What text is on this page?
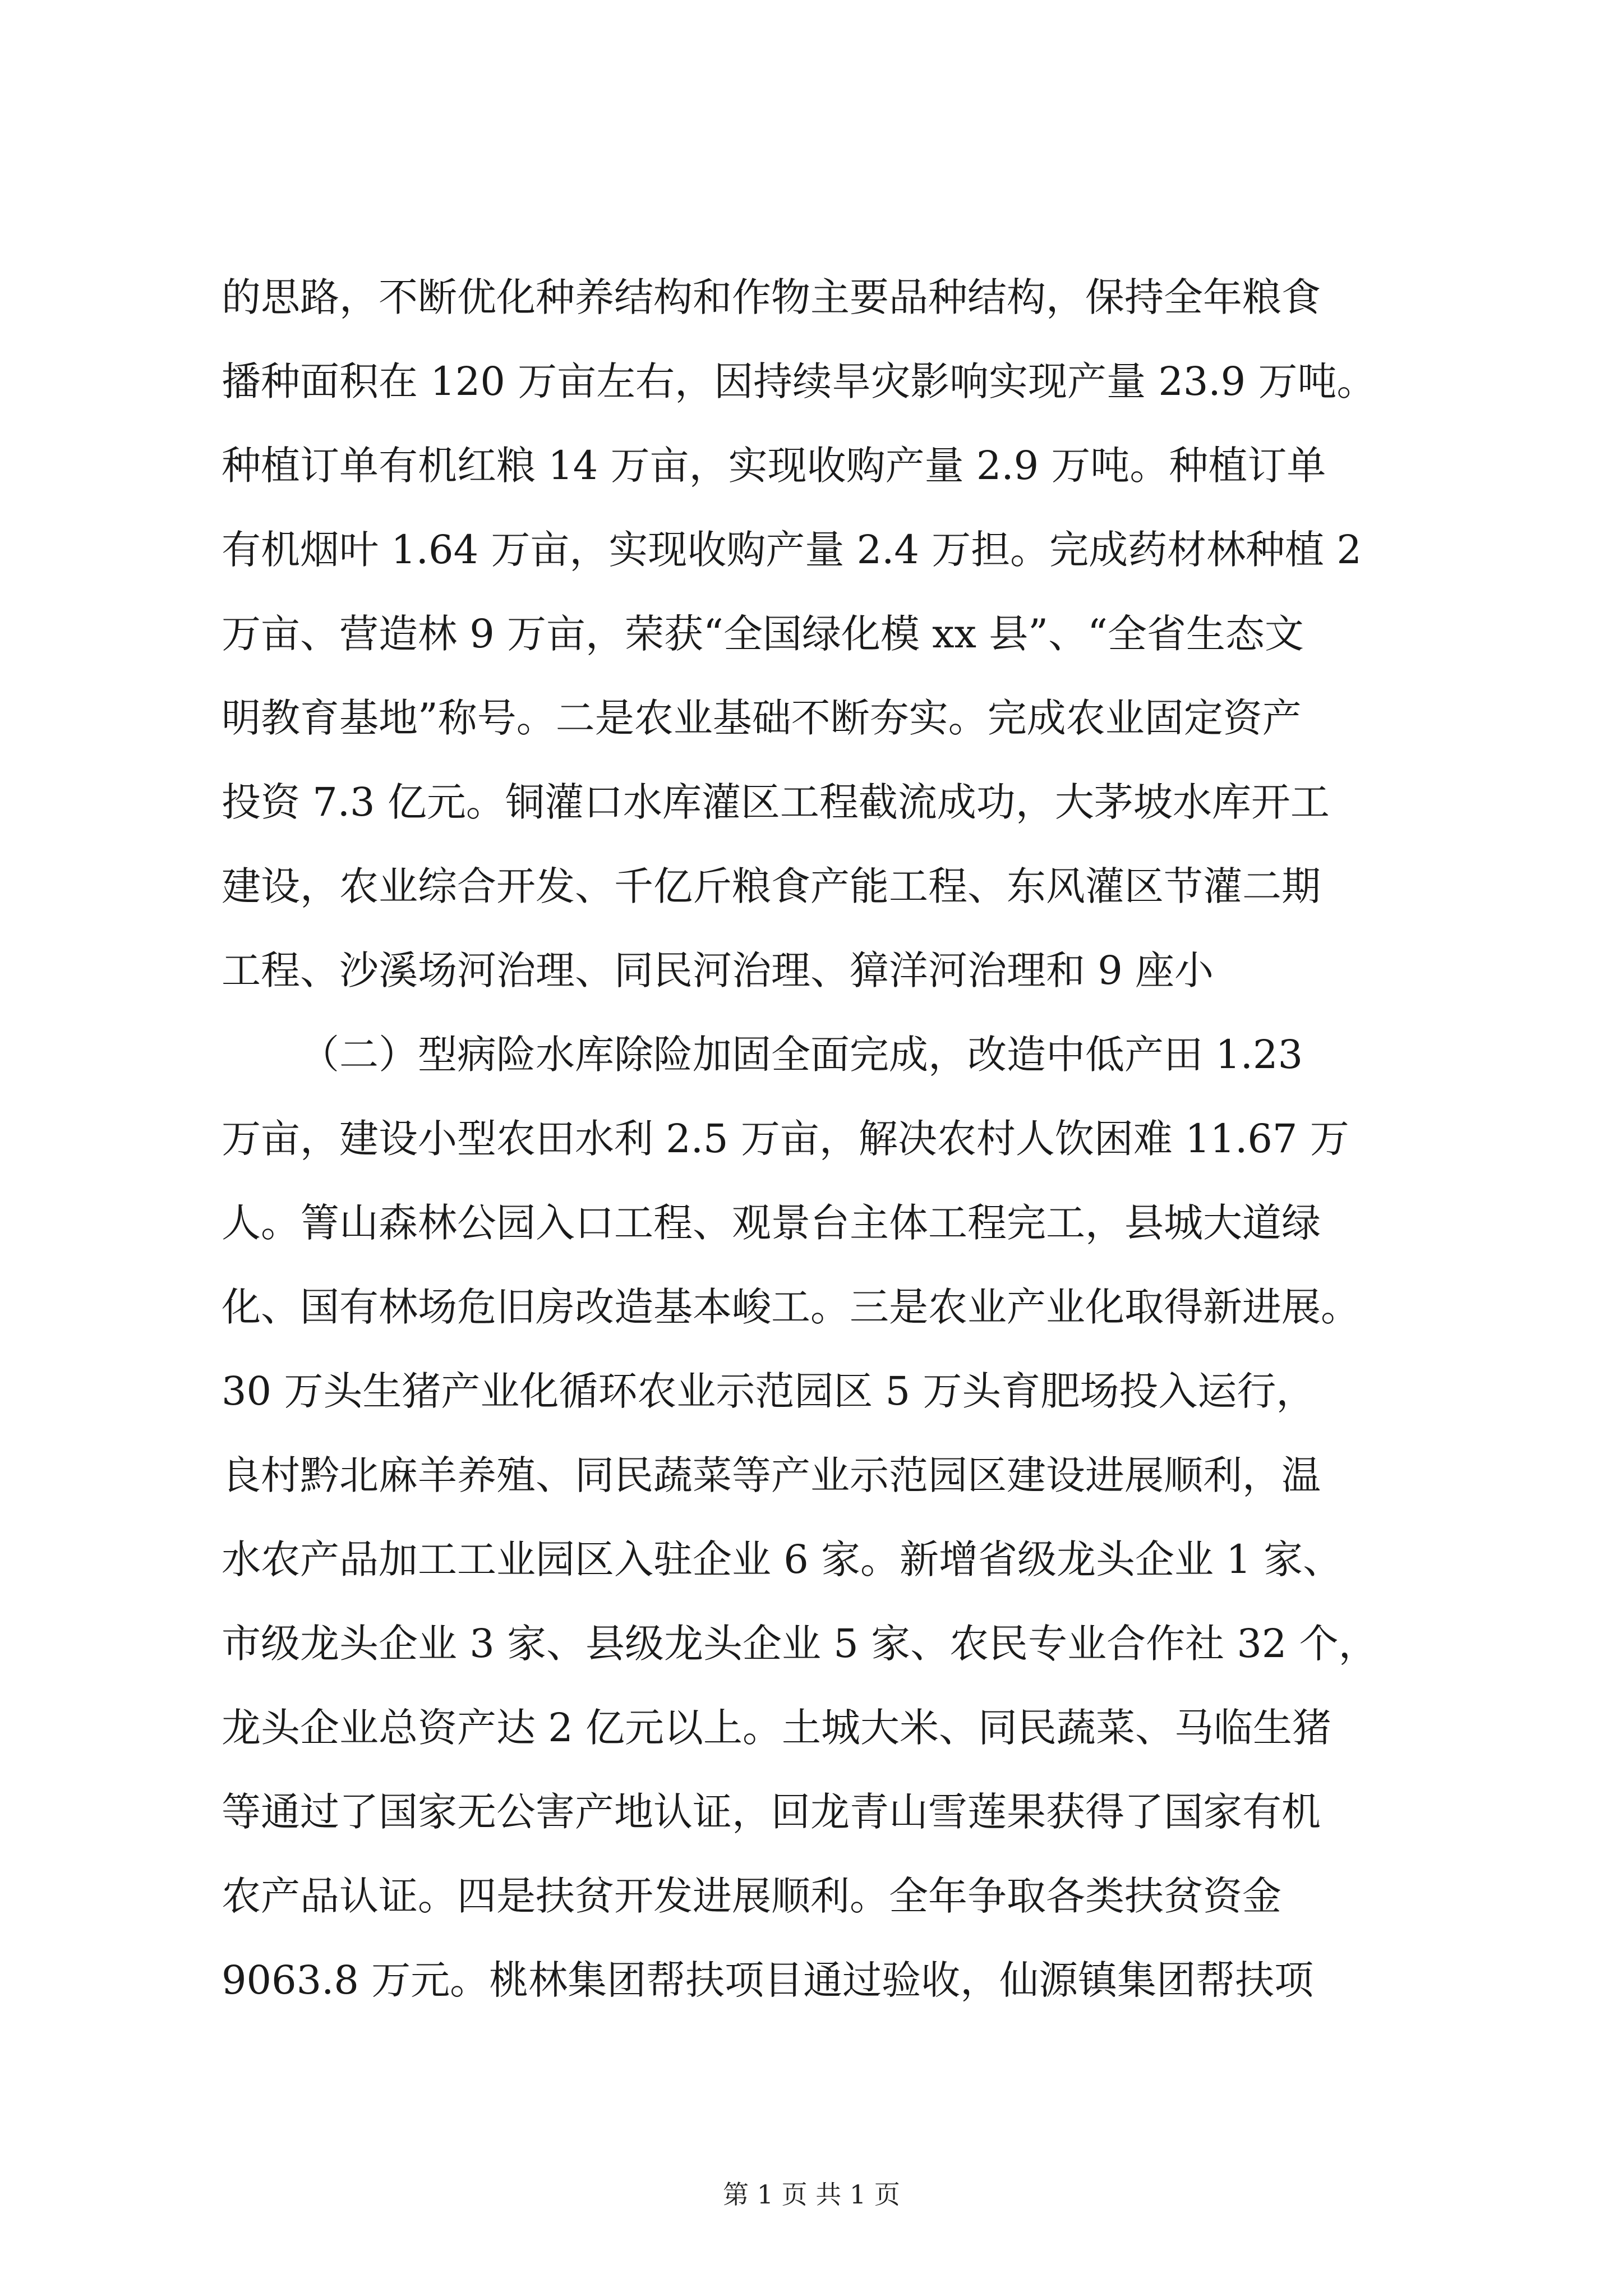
的思路，不断优化种养结构和作物主要品种结构，保持全年粮食
播种面积在 120 万亩左右，因持续旱灾影响实现产量 23.9 万吨。
种植订单有机红粮 14 万亩，实现收购产量 2.9 万吨。种植订单
有机烟叶 1.64 万亩，实现收购产量 2.4 万担。完成药材林种植 2
万亩、营造林 9 万亩，荣获“全国绿化模 xx 县”、“全省生态文
明教育基地”称号。二是农业基础不断夯实。完成农业固定资产
投资 7.3 亿元。铜灌口水库灌区工程截流成功，大茅坡水库开工
建设，农业综合开发、千亿斤粮食产能工程、东风灌区节灌二期
工程、沙溪场河治理、同民河治理、獐洋河治理和 9 座小
（二）型病险水库除险加固全面完成，改造中低产田 1.23
万亩，建设小型农田水利 2.5 万亩，解决农村人饮困难 11.67 万
人。箐山森林公园入口工程、观景台主体工程完工，县城大道绿
化、国有林场危旧房改造基本峻工。三是农业产业化取得新进展。
30 万头生猪产业化循环农业示范园区 5 万头育肥场投入运行，
良村黔北麻羊养殖、同民蔬菜等产业示范园区建设进展顺利，温
水农产品加工工业园区入驻企业 6 家。新增省级龙头企业 1 家、
市级龙头企业 3 家、县级龙头企业 5 家、农民专业合作社 32 个，
龙头企业总资产达 2 亿元以上。土城大米、同民蔬菜、马临生猪
等通过了国家无公害产地认证，回龙青山雪莲果获得了国家有机
农产品认证。四是扶贫开发进展顺利。全年争取各类扶贫资金
9063.8 万元。桃林集团帮扶项目通过验收，仙源镇集团帮扶项
第 1 页 共 1 页
